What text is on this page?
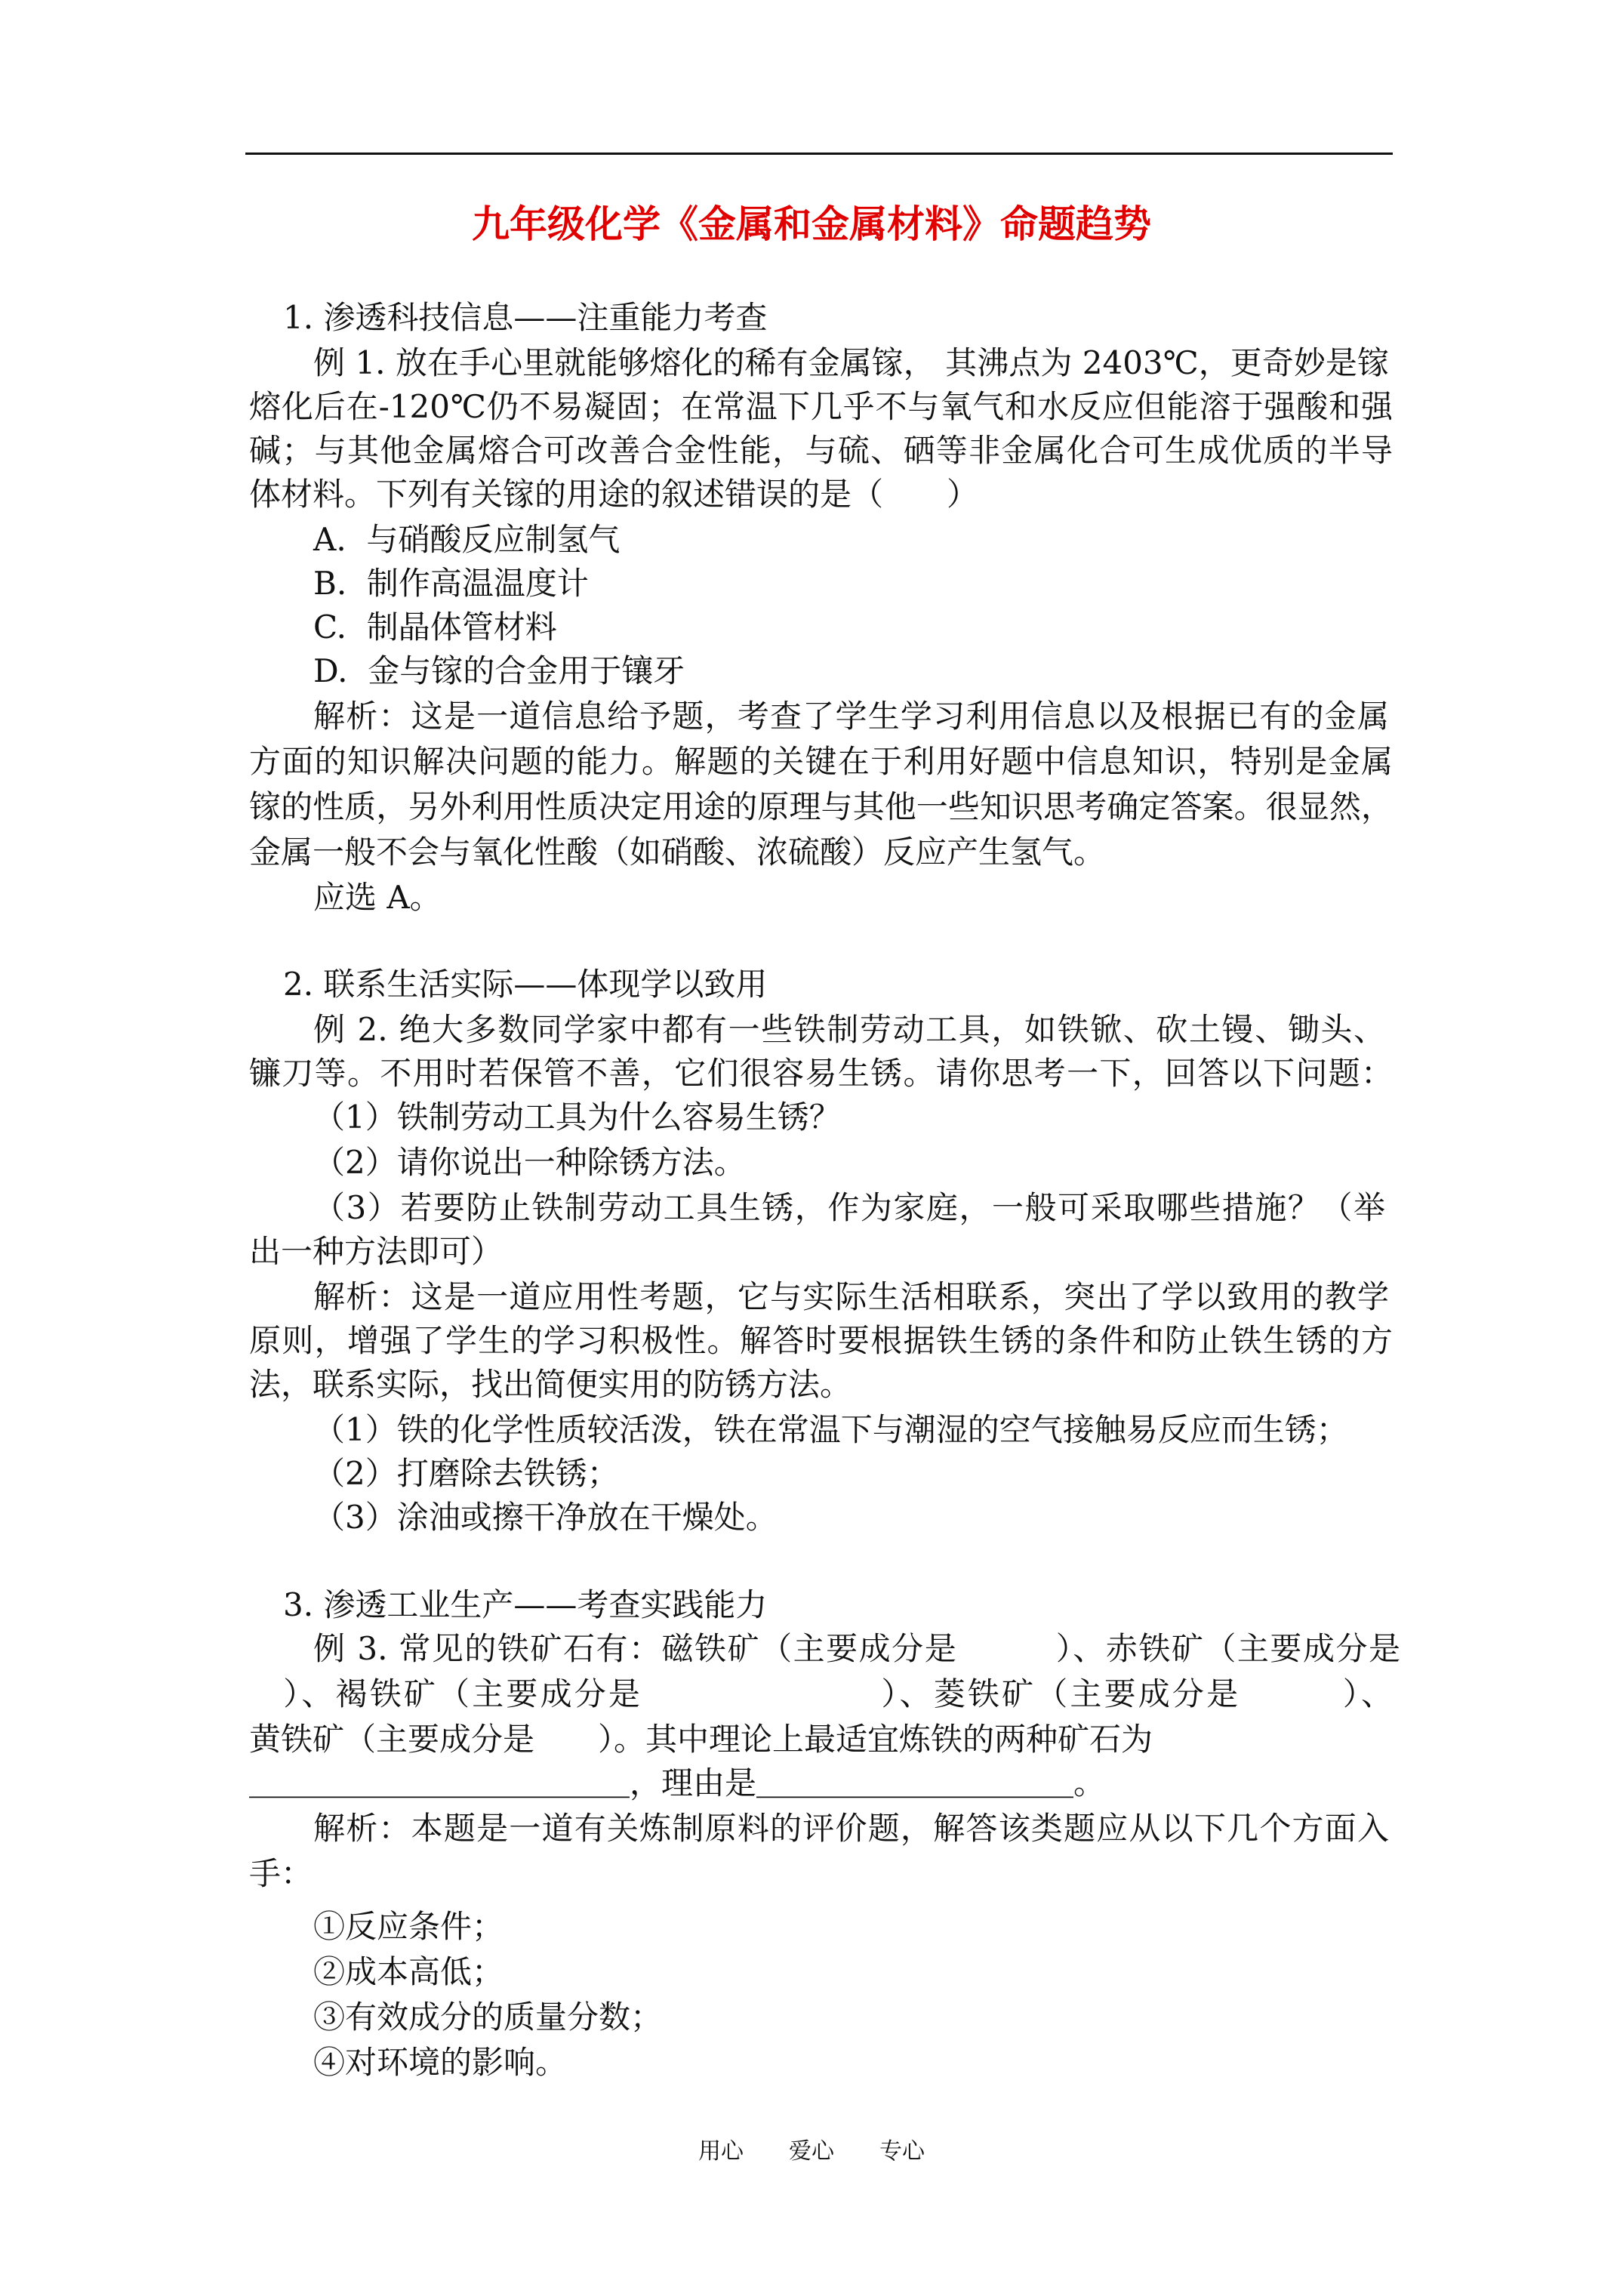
九年级化学《金属和金属材料》命题趋势
1. 渗透科技信息——注重能力考查
例 1. 放在手心里就能够熔化的稀有金属镓， 其沸点为 2403℃，更奇妙是镓
熔化后在-120℃仍不易凝固；在常温下几乎不与氧气和水反应但能溶于强酸和强
碱；与其他金属熔合可改善合金性能，与硫、硒等非金属化合可生成优质的半导
体材料。下列有关镓的用途的叙述错误的是（　　）
A.  与硝酸反应制氢气
B.  制作高温温度计
C.  制晶体管材料
D.  金与镓的合金用于镶牙
解析：这是一道信息给予题，考查了学生学习利用信息以及根据已有的金属
方面的知识解决问题的能力。解题的关键在于利用好题中信息知识，特别是金属
镓的性质，另外利用性质决定用途的原理与其他一些知识思考确定答案。很显然，
金属一般不会与氧化性酸（如硝酸、浓硫酸）反应产生氢气。
应选 A。
2. 联系生活实际——体现学以致用
例 2. 绝大多数同学家中都有一些铁制劳动工具，如铁锨、砍土镘、锄头、
镰刀等。不用时若保管不善，它们很容易生锈。请你思考一下，回答以下问题：
（1）铁制劳动工具为什么容易生锈？
（2）请你说出一种除锈方法。
（3）若要防止铁制劳动工具生锈，作为家庭，一般可采取哪些措施？（举
出一种方法即可）
解析：这是一道应用性考题，它与实际生活相联系，突出了学以致用的教学
原则，增强了学生的学习积极性。解答时要根据铁生锈的条件和防止铁生锈的方
法，联系实际，找出简便实用的防锈方法。
（1）铁的化学性质较活泼，铁在常温下与潮湿的空气接触易反应而生锈；
（2）打磨除去铁锈；
（3）涂油或擦干净放在干燥处。
3. 渗透工业生产——考查实践能力
例 3. 常见的铁矿石有：磁铁矿（主要成分是　　　）、赤铁矿（主要成分是
　）、褐铁矿（主要成分是　　　　　　　）、菱铁矿（主要成分是　　　）、
黄铁矿（主要成分是　　）。其中理论上最适宜炼铁的两种矿石为
＿＿＿＿＿＿＿＿＿＿＿＿，理由是＿＿＿＿＿＿＿＿＿＿。
解析：本题是一道有关炼制原料的评价题，解答该类题应从以下几个方面入
手：
①反应条件；
②成本高低；
③有效成分的质量分数；
④对环境的影响。
用心　　爱心　　专心
